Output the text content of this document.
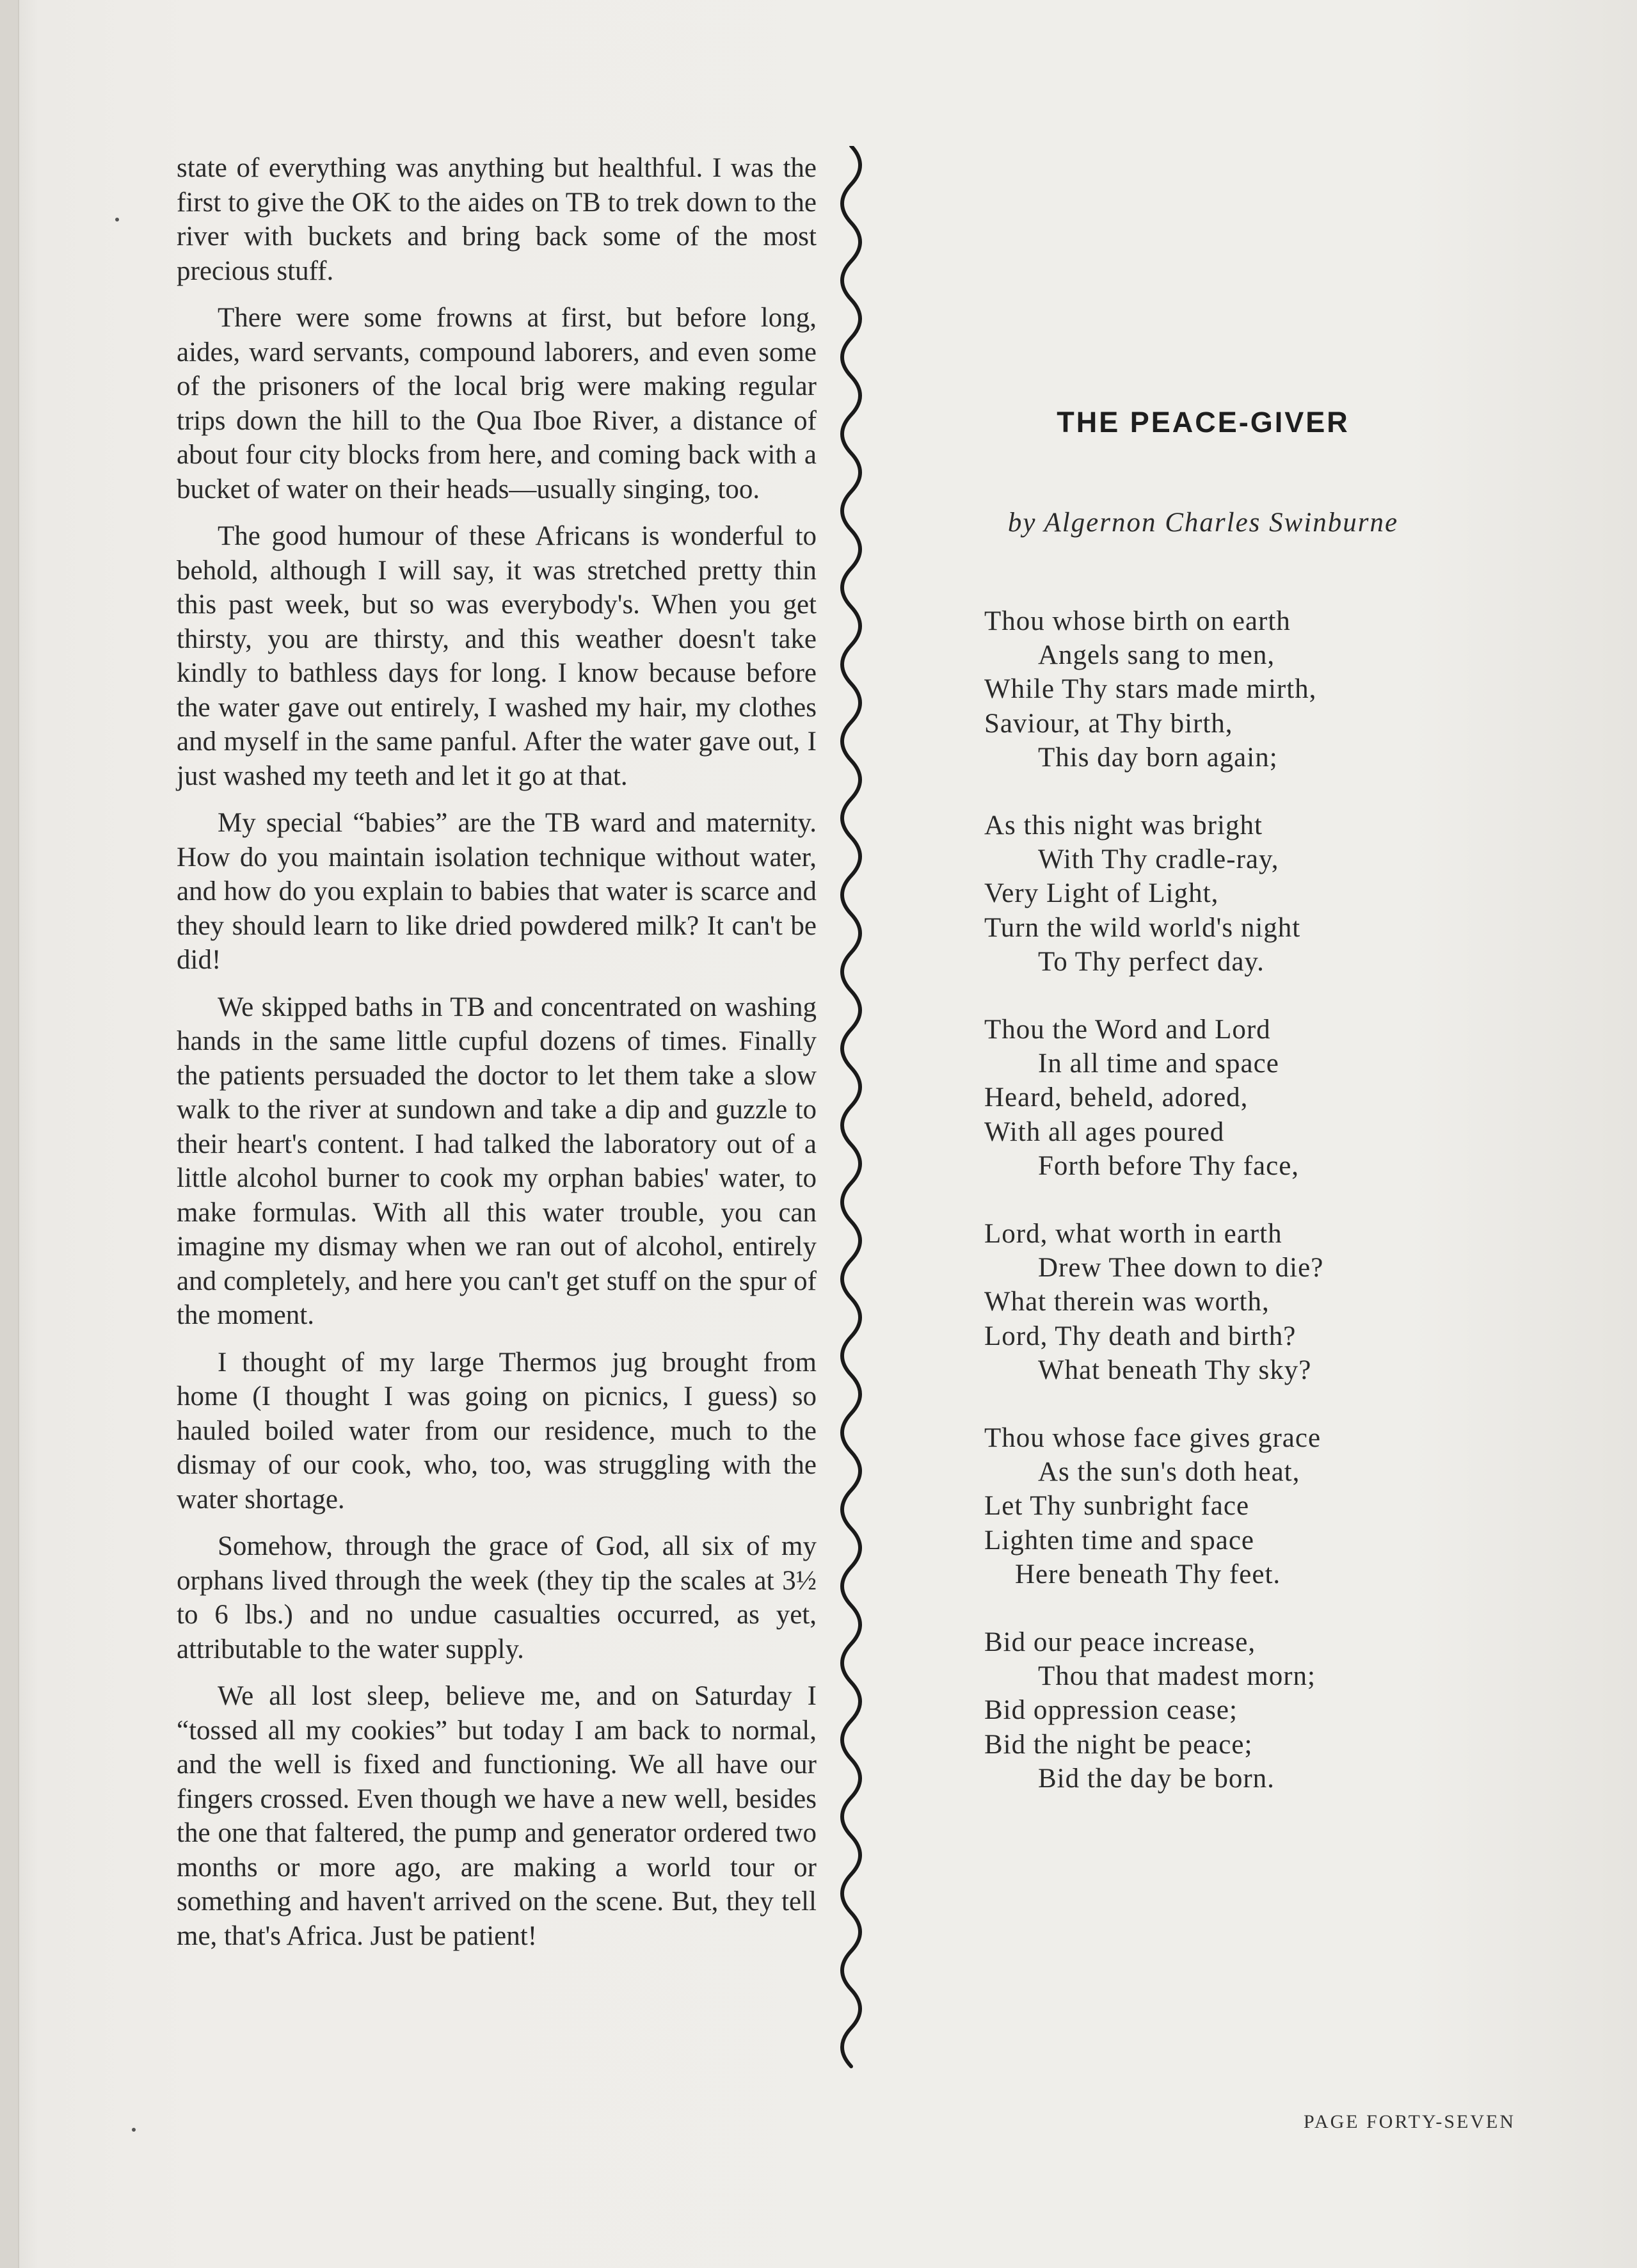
state of everything was anything but healthful. I was the first to give the OK to the aides on TB to trek down to the river with buckets and bring back some of the most precious stuff.

There were some frowns at first, but before long, aides, ward servants, compound laborers, and even some of the prisoners of the local brig were making regular trips down the hill to the Qua Iboe River, a distance of about four city blocks from here, and coming back with a bucket of water on their heads—usually singing, too.

The good humour of these Africans is wonderful to behold, although I will say, it was stretched pretty thin this past week, but so was everybody's. When you get thirsty, you are thirsty, and this weather doesn't take kindly to bathless days for long. I know because before the water gave out entirely, I washed my hair, my clothes and myself in the same panful. After the water gave out, I just washed my teeth and let it go at that.

My special “babies” are the TB ward and maternity. How do you maintain isolation technique without water, and how do you explain to babies that water is scarce and they should learn to like dried powdered milk? It can't be did!

We skipped baths in TB and concentrated on washing hands in the same little cupful dozens of times. Finally the patients persuaded the doctor to let them take a slow walk to the river at sundown and take a dip and guzzle to their heart's content. I had talked the laboratory out of a little alcohol burner to cook my orphan babies' water, to make formulas. With all this water trouble, you can imagine my dismay when we ran out of alcohol, entirely and completely, and here you can't get stuff on the spur of the moment.

I thought of my large Thermos jug brought from home (I thought I was going on picnics, I guess) so hauled boiled water from our residence, much to the dismay of our cook, who, too, was struggling with the water shortage.

Somehow, through the grace of God, all six of my orphans lived through the week (they tip the scales at 3½ to 6 lbs.) and no undue casualties occurred, as yet, attributable to the water supply.

We all lost sleep, believe me, and on Saturday I “tossed all my cookies” but today I am back to normal, and the well is fixed and functioning. We all have our fingers crossed. Even though we have a new well, besides the one that faltered, the pump and generator ordered two months or more ago, are making a world tour or something and haven't arrived on the scene. But, they tell me, that's Africa. Just be patient!

THE PEACE-GIVER
by Algernon Charles Swinburne
Thou whose birth on earth
Angels sang to men,
While Thy stars made mirth,
Saviour, at Thy birth,
This day born again;
As this night was bright
With Thy cradle-ray,
Very Light of Light,
Turn the wild world's night
To Thy perfect day.
Thou the Word and Lord
In all time and space
Heard, beheld, adored,
With all ages poured
Forth before Thy face,
Lord, what worth in earth
Drew Thee down to die?
What therein was worth,
Lord, Thy death and birth?
What beneath Thy sky?
Thou whose face gives grace
As the sun's doth heat,
Let Thy sunbright face
Lighten time and space
Here beneath Thy feet.
Bid our peace increase,
Thou that madest morn;
Bid oppression cease;
Bid the night be peace;
Bid the day be born.
PAGE FORTY-SEVEN
